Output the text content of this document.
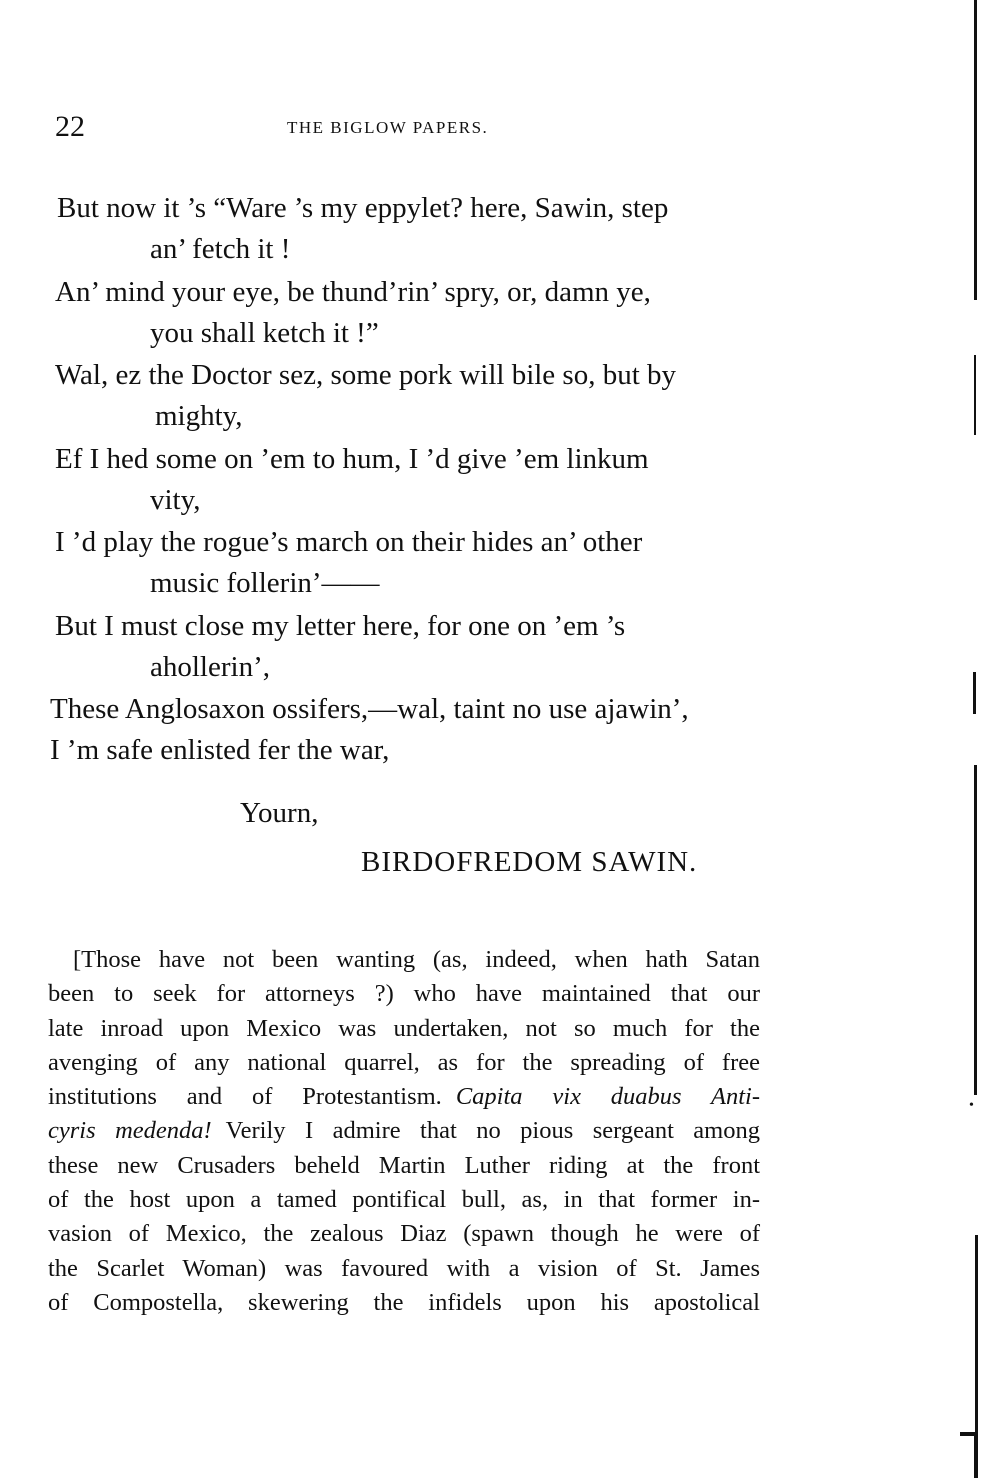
22	THE BIGLOW PAPERS.
But now it ’s “Ware ’s my eppylet? here, Sawin, step
an’ fetch it !
An’ mind your eye, be thund’rin’ spry, or, damn ye,
you shall ketch it !”
Wal, ez the Doctor sez, some pork will bile so, but by
mighty,
Ef I hed some on ’em to hum, I ’d give ’em linkum
vity,
I ’d play the rogue’s march on their hides an’ other
music follerin’——
But I must close my letter here, for one on ’em ’s
ahollerin’,
These Anglosaxon ossifers,—wal, taint no use ajawin’,
I ’m safe enlisted fer the war,
Yourn,
BIRDOFREDOM SAWIN.
[Those have not been wanting (as, indeed, when hath Satan
been to seek for attorneys ?) who have maintained that our
late inroad upon Mexico was undertaken, not so much for the
avenging of any national quarrel, as for the spreading of free
institutions and of Protestantism. Capita vix duabus Anti-
cyris medenda! Verily I admire that no pious sergeant among
these new Crusaders beheld Martin Luther riding at the front
of the host upon a tamed pontifical bull, as, in that former in-
vasion of Mexico, the zealous Diaz (spawn though he were of
the Scarlet Woman) was favoured with a vision of St. James
of Compostella, skewering the infidels upon his apostolical
•
